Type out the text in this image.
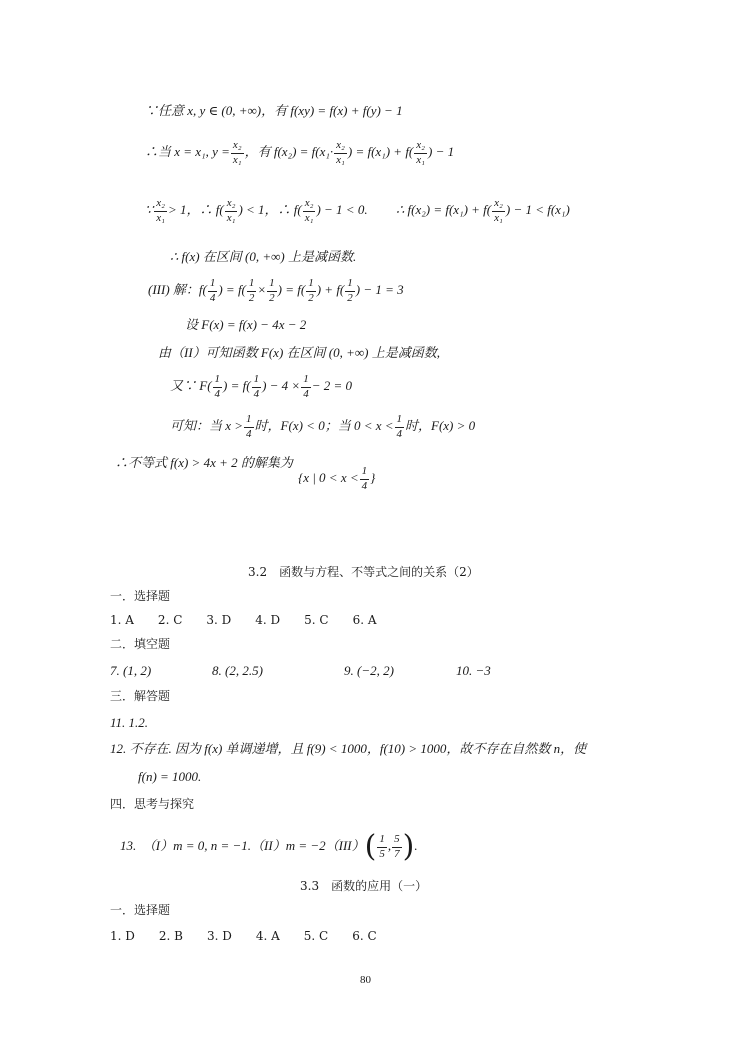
∵任意 x, y ∈ (0, +∞)，有 f(xy) = f(x) + f(y) − 1
∴当 x = x₁, $y = \frac{\text{x₂}}{\text{x₁}}$ ，有 $f(x_2) = f(x_1\cdot \frac{\text{x₂}}{\text{x₁}}$ ) = $f(x_1) + f( \frac{\text{x₂}}{\text{x₁}}$ ) − 1
∵ $\frac{\text{x₂}}{\text{x₁}} > 1$，∴ $f( \frac{\text{x₂}}{\text{x₁}}$ ) < 1，∴ $f( \frac{\text{x₂}}{\text{x₁}}$ ) − 1 < 0. ∴ $f(x_2) = f(x_1) + f( \frac{\text{x₂}}{\text{x₁}}$ ) − 1 < f(x₁)
∴ f(x) 在区间 (0, +∞) 上是减函数.
(III) 解：$f( \frac{1}{4}$ ) = $f( \frac{1}{2} \times \frac{1}{2}$ ) = $f( \frac{1}{2}$ ) + $f( \frac{1}{2}$ ) − 1 = 3
设 F(x) = f(x) − 4x − 2
由（II）可知函数 F(x) 在区间 (0, +∞) 上是减函数,
又∵ $F( \frac{1}{4}$ ) = $f( \frac{1}{4}$ ) − $4 \times \frac{1}{4} - 2 = 0$
可知：当 $x > \frac{1}{4}$ 时，F(x) < 0；当 $0 < x < \frac{1}{4}$ 时，F(x) > 0
∴不等式 f(x) > 4x + 2 的解集为
{x | $0 < x < \frac{1}{4}$ }
3.2　函数与方程、不等式之间的关系（2）
一．选择题
1. A　　2. C　　3. D　　4. D　　5. C　　6. A
二．填空题
7. (1, 2)	8. (2, 2.5)	9. (−2, 2)	10. −3
三．解答题
11. 1.2.
12. 不存在. 因为 f(x) 单调递增，且 f(9) < 1000，f(10) > 1000，故不存在自然数 n，使
f(n) = 1000.
四．思考与探究
13.　（I）m = 0, $n = -1.(II)m = -2(III)( \frac{1}{5}$ , $\frac{5}{7}$ ).
3.3　函数的应用（一）
一．选择题
1. D　　2. B　　3. D　　4. A　　5. C　　6. C
80
